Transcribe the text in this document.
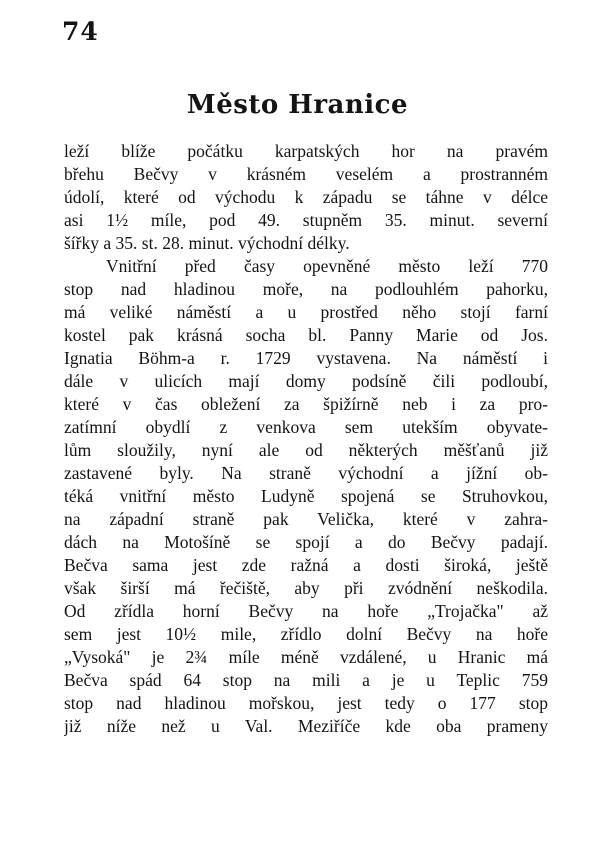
74
Město Hranice
leží blíže počátku karpatských hor na pravém
břehu Bečvy v krásném veselém a prostranném
údolí, které od východu k západu se táhne v délce
asi 1½ míle, pod 49. stupněm 35. minut. severní
šířky a 35. st. 28. minut. východní délky.
Vnitřní před časy opevněné město leží 770
stop nad hladinou moře, na podlouhlém pahorku,
má veliké náměstí a u prostřed něho stojí farní
kostel pak krásná socha bl. Panny Marie od Jos.
Ignatia Böhm-a r. 1729 vystavena. Na náměstí i
dále v ulicích mají domy podsíně čili podloubí,
které v čas obležení za špižírně neb i za pro-
zatímní obydlí z venkova sem utekším obyvate-
lům sloužily, nyní ale od některých měšťanů již
zastavené byly. Na straně východní a jížní ob-
téká vnitřní město Ludyně spojená se Struhovkou,
na západní straně pak Velička, které v zahra-
dách na Motošíně se spojí a do Bečvy padají.
Bečva sama jest zde ražná a dosti široká, ještě
však širší má řečiště, aby při zvódnění neškodila.
Od zřídla horní Bečvy na hoře „Trojačka" až
sem jest 10½ mile, zřídlo dolní Bečvy na hoře
„Vysoká" je 2¾ míle méně vzdálené, u Hranic má
Bečva spád 64 stop na mili a je u Teplic 759
stop nad hladinou mořskou, jest tedy o 177 stop
již níže než u Val. Meziříče kde oba prameny
